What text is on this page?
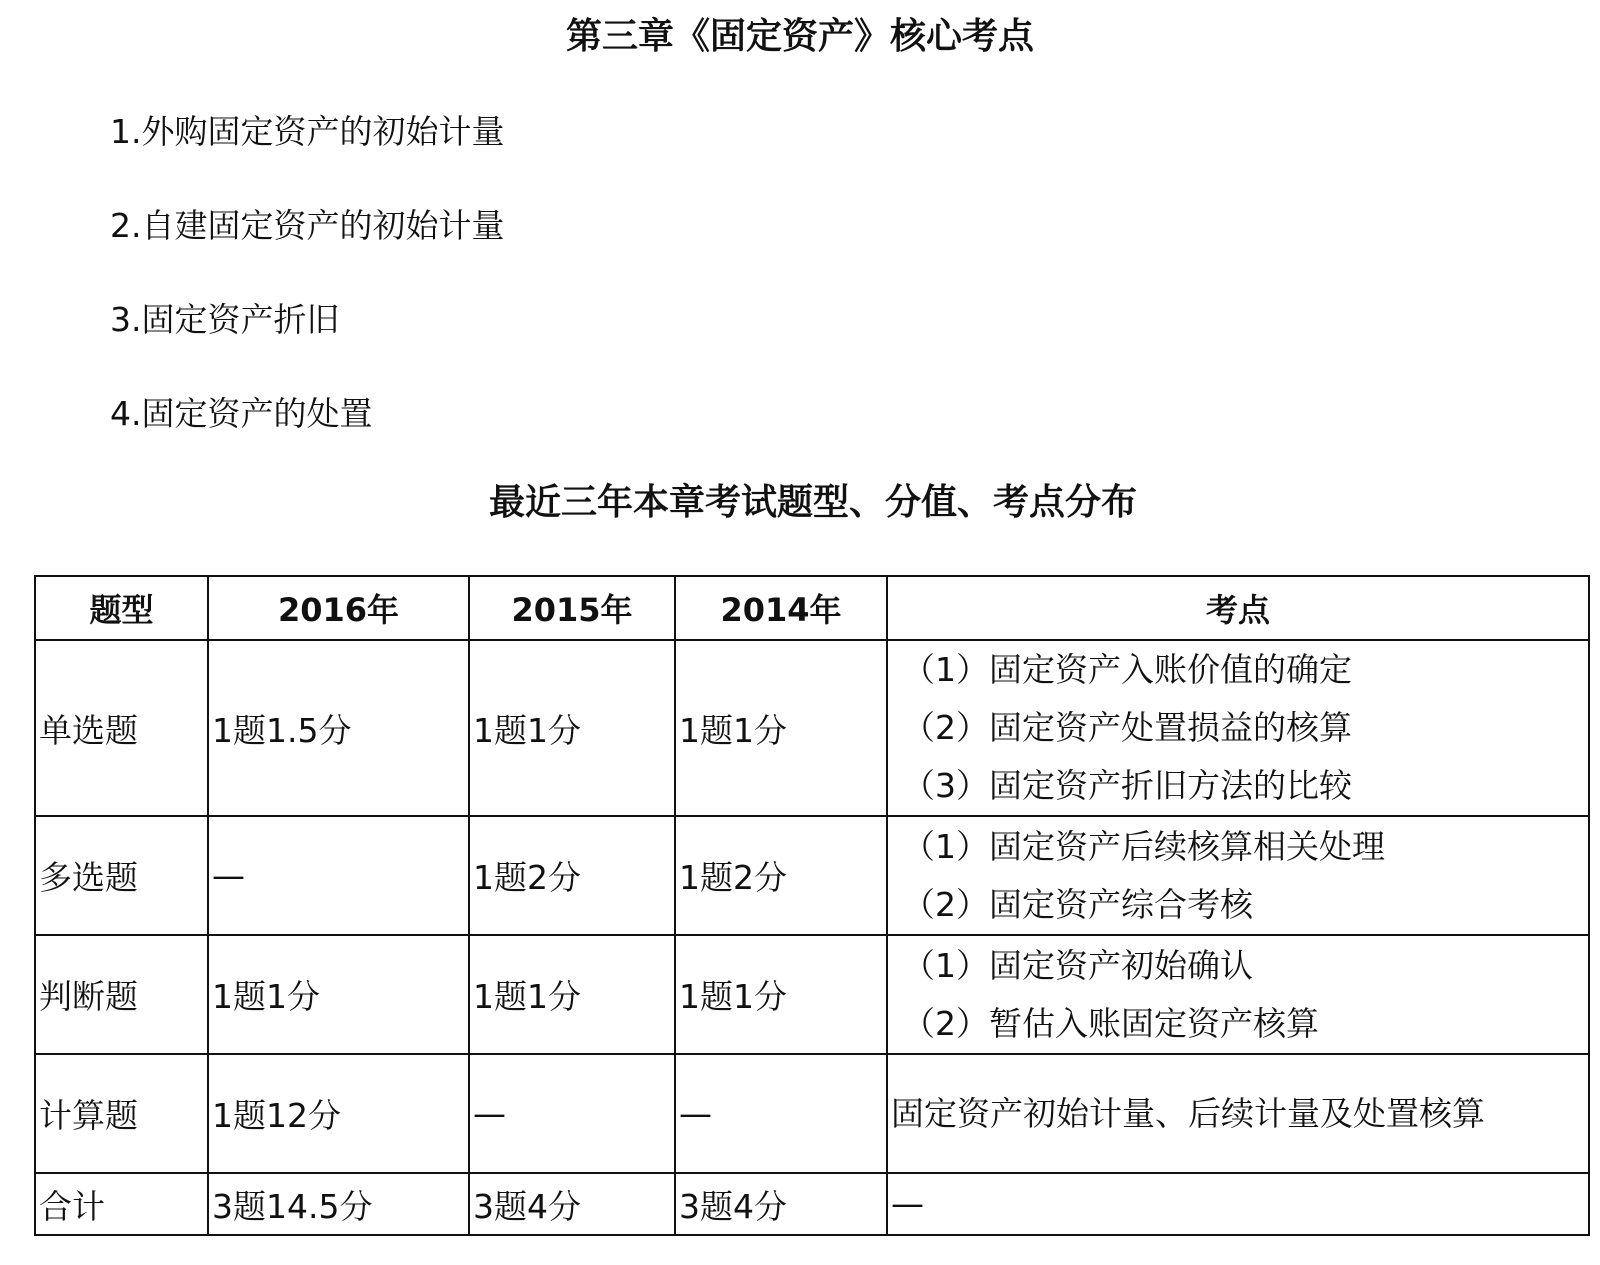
第三章《固定资产》核心考点
1.外购固定资产的初始计量
2.自建固定资产的初始计量
3.固定资产折旧
4.固定资产的处置
最近三年本章考试题型、分值、考点分布
题型	2016年	2015年	2014年	考点
单选题	1题1.5分	1题1分	1题1分	（1）固定资产入账价值的确定
（2）固定资产处置损益的核算
（3）固定资产折旧方法的比较

多选题	—	1题2分	1题2分	（1）固定资产后续核算相关处理
（2）固定资产综合考核

判断题	1题1分	1题1分	1题1分	（1）固定资产初始确认
（2）暂估入账固定资产核算

计算题	1题12分	—	—	固定资产初始计量、后续计量及处置核算

合计	3题14.5分	3题4分	3题4分	—
